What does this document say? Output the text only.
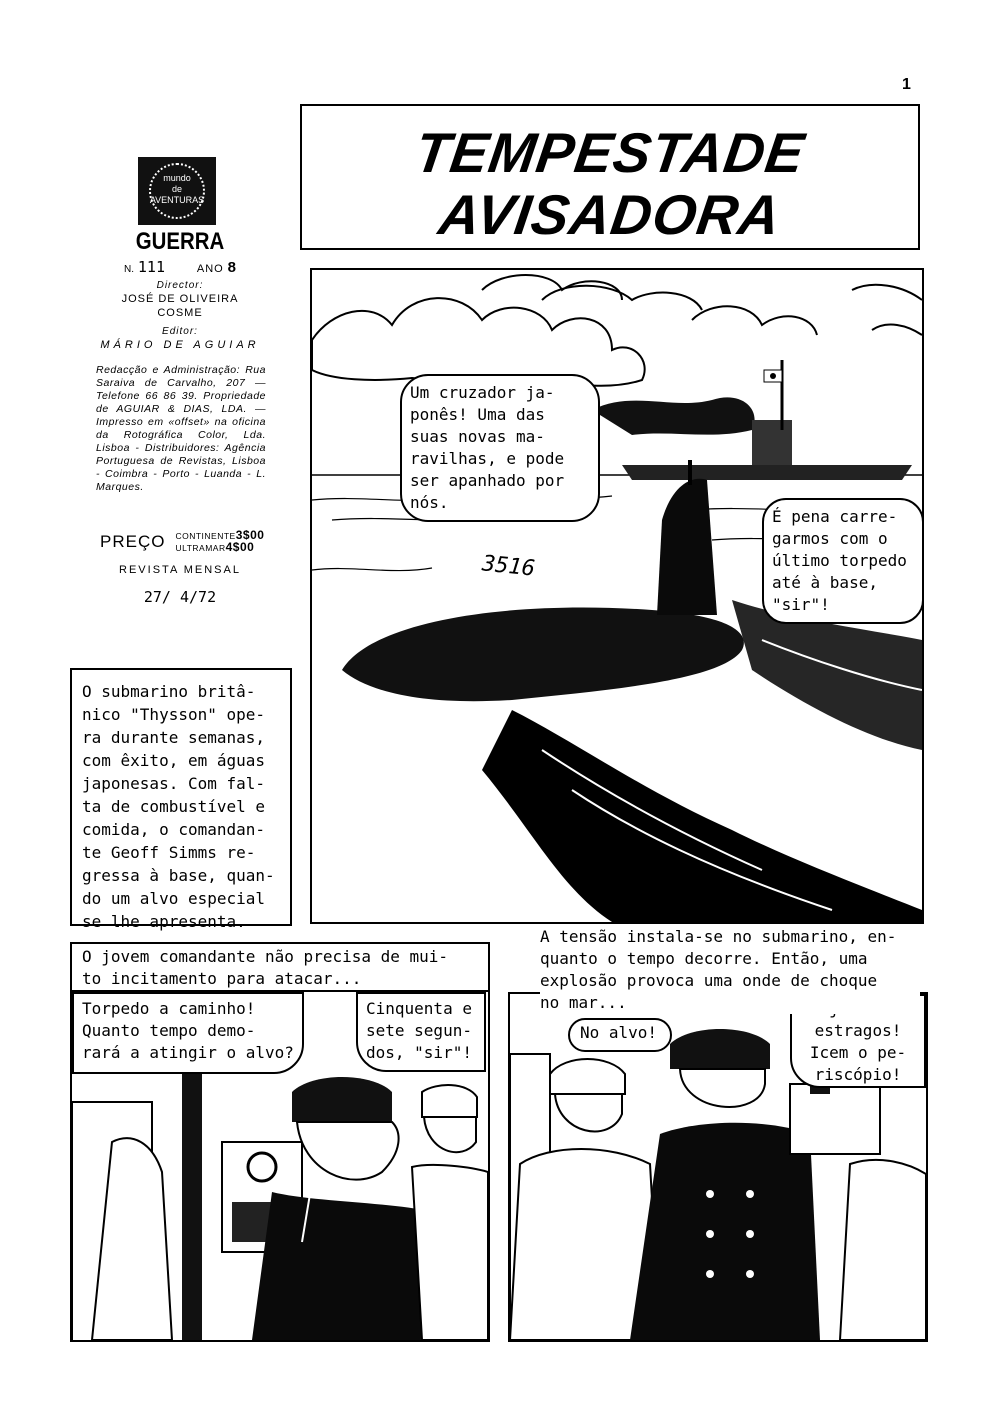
1
TEMPESTADE
AVISADORA
mundo
de
AVENTURAS
GUERRA
N. 111	ANO 8
Director:
JOSÉ DE OLIVEIRA
COSME
Editor:
MÁRIO DE AGUIAR
Redacção e Administração: Rua Saraiva de Carvalho, 207 — Telefone 66 86 39. Propriedade de AGUIAR & DIAS, LDA. — Impresso em «offset» na oficina da Rotográfica Color, Lda. Lisboa - Distribuidores: Agência Portuguesa de Revistas, Lisboa - Coimbra - Porto - Luanda - L. Marques.
PREÇO CONTINENTE3$00
ULTRAMAR4$00
REVISTA MENSAL
27/ 4/72
O submarino britâ-
nico "Thysson" ope-
ra durante semanas,
com êxito, em águas
japonesas. Com fal-
ta de combustível e
comida, o comandan-
te Geoff Simms re-
gressa à base, quan-
do um alvo especial
se lhe apresenta.
3516
Um cruzador ja-
ponês! Uma das
suas novas ma-
ravilhas, e pode
ser apanhado por
nós.
É pena carre-
garmos com o
último torpedo
até à base,
"sir"!
O jovem comandante não precisa de mui-
to incitamento para atacar...
Torpedo a caminho!
Quanto tempo demo-
rará a atingir o alvo?
Cinquenta e
sete segun-
dos, "sir"!
A tensão instala-se no submarino, en-
quanto o tempo decorre. Então, uma
explosão provoca uma onde de choque
no mar...
No alvo!	
estragos!
Icem o pe-
riscópio!
